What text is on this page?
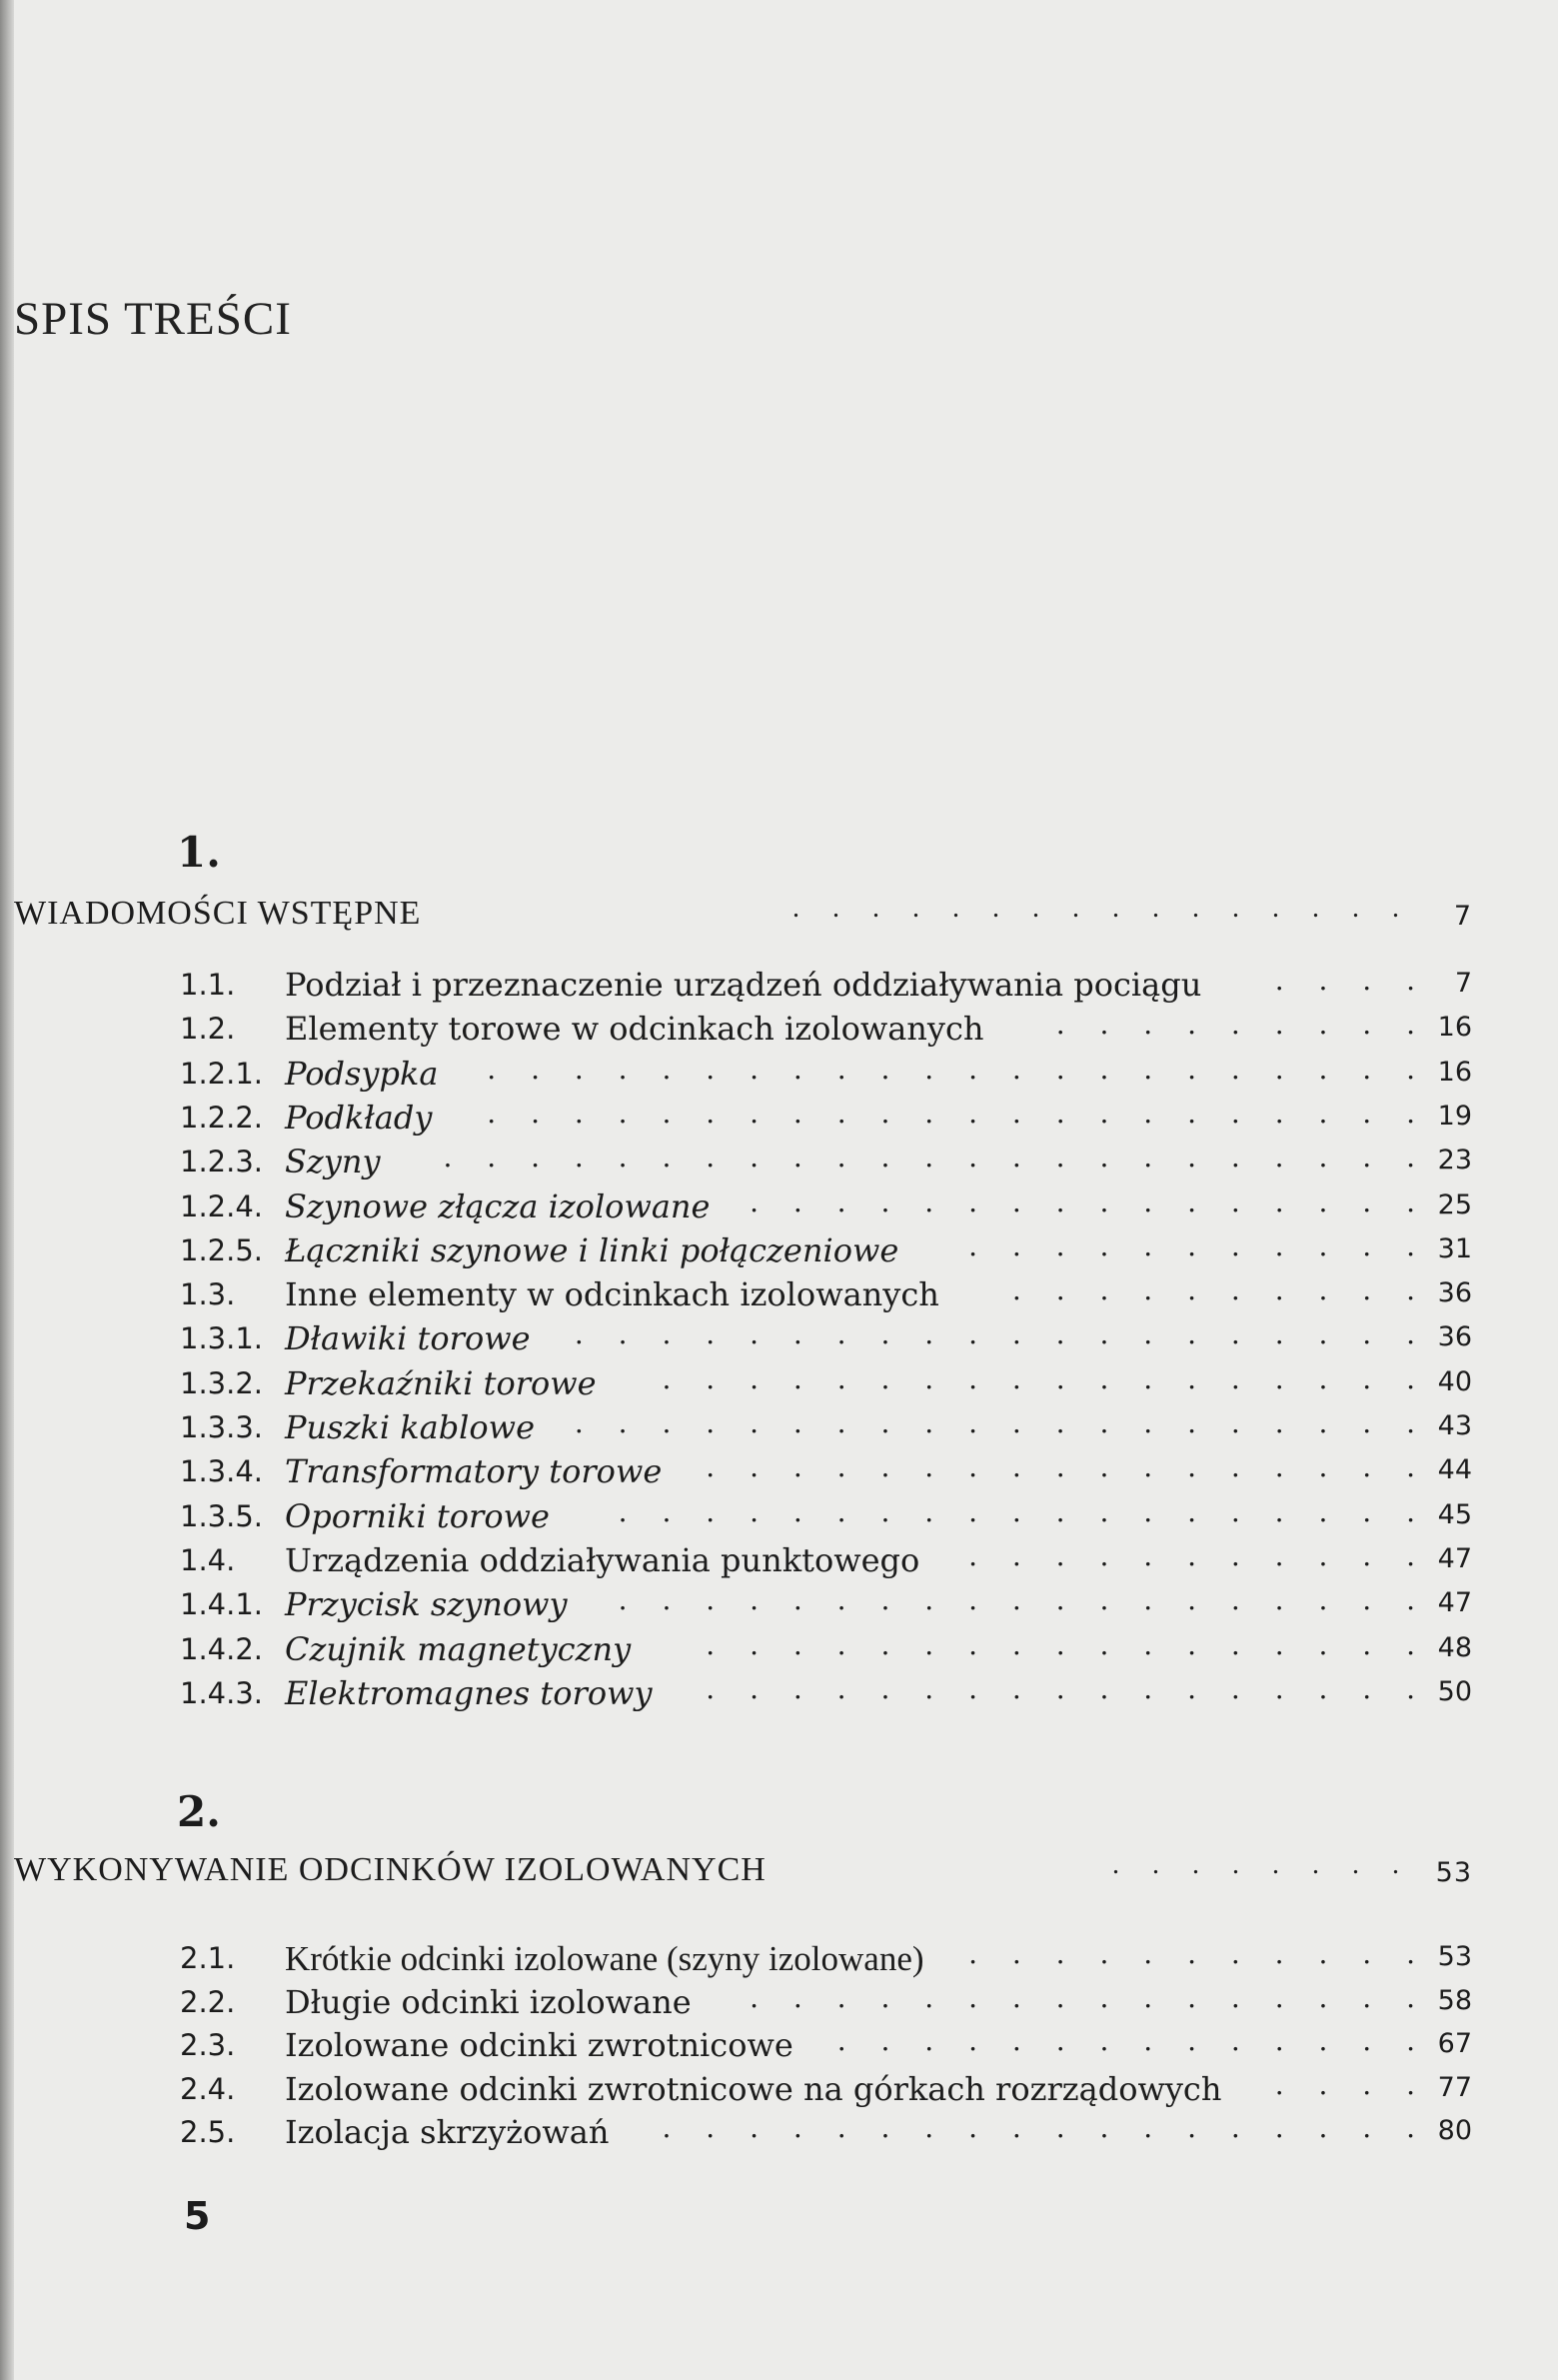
SPIS TREŚCI
1.
WIADOMOŚCI WSTĘPNE	. . . . . . . . . . . . . . . . 7
1.1. Podział i przeznaczenie urządzeń oddziaływania pociągu	. . . . 7
1.2. Elementy torowe w odcinkach izolowanych	. . . . . . . . . 16
1.2.1. Podsypka	. . . . . . . . . . . . . . . . . . . . . . 16
1.2.2. Podkłady	. . . . . . . . . . . . . . . . . . . . . . 19
1.2.3. Szyny	. . . . . . . . . . . . . . . . . . . . . . . 23
1.2.4. Szynowe złącza izolowane	. . . . . . . . . . . . . . . . 25
1.2.5. Łączniki szynowe i linki połączeniowe	. . . . . . . . . . . 31
1.3. Inne elementy w odcinkach izolowanych	. . . . . . . . . . 36
1.3.1. Dławiki torowe	. . . . . . . . . . . . . . . . . . . . 36
1.3.2. Przekaźniki torowe	. . . . . . . . . . . . . . . . . . 40
1.3.3. Puszki kablowe	. . . . . . . . . . . . . . . . . . . . 43
1.3.4. Transformatory torowe	. . . . . . . . . . . . . . . . . 44
1.3.5. Oporniki torowe	. . . . . . . . . . . . . . . . . . . 45
1.4. Urządzenia oddziaływania punktowego	. . . . . . . . . . . 47
1.4.1. Przycisk szynowy	. . . . . . . . . . . . . . . . . . . 47
1.4.2. Czujnik magnetyczny	. . . . . . . . . . . . . . . . . 48
1.4.3. Elektromagnes torowy	. . . . . . . . . . . . . . . . . 50
2.
WYKONYWANIE ODCINKÓW IZOLOWANYCH	. . . . . . . . 53
2.1. Krótkie odcinki izolowane (szyny izolowane)	. . . . . . . . . . . 53
2.2. Długie odcinki izolowane	. . . . . . . . . . . . . . . . 58
2.3. Izolowane odcinki zwrotnicowe	. . . . . . . . . . . . . . 67
2.4. Izolowane odcinki zwrotnicowe na górkach rozrządowych	. . . . 77
2.5. Izolacja skrzyżowań	. . . . . . . . . . . . . . . . . . 80
5
